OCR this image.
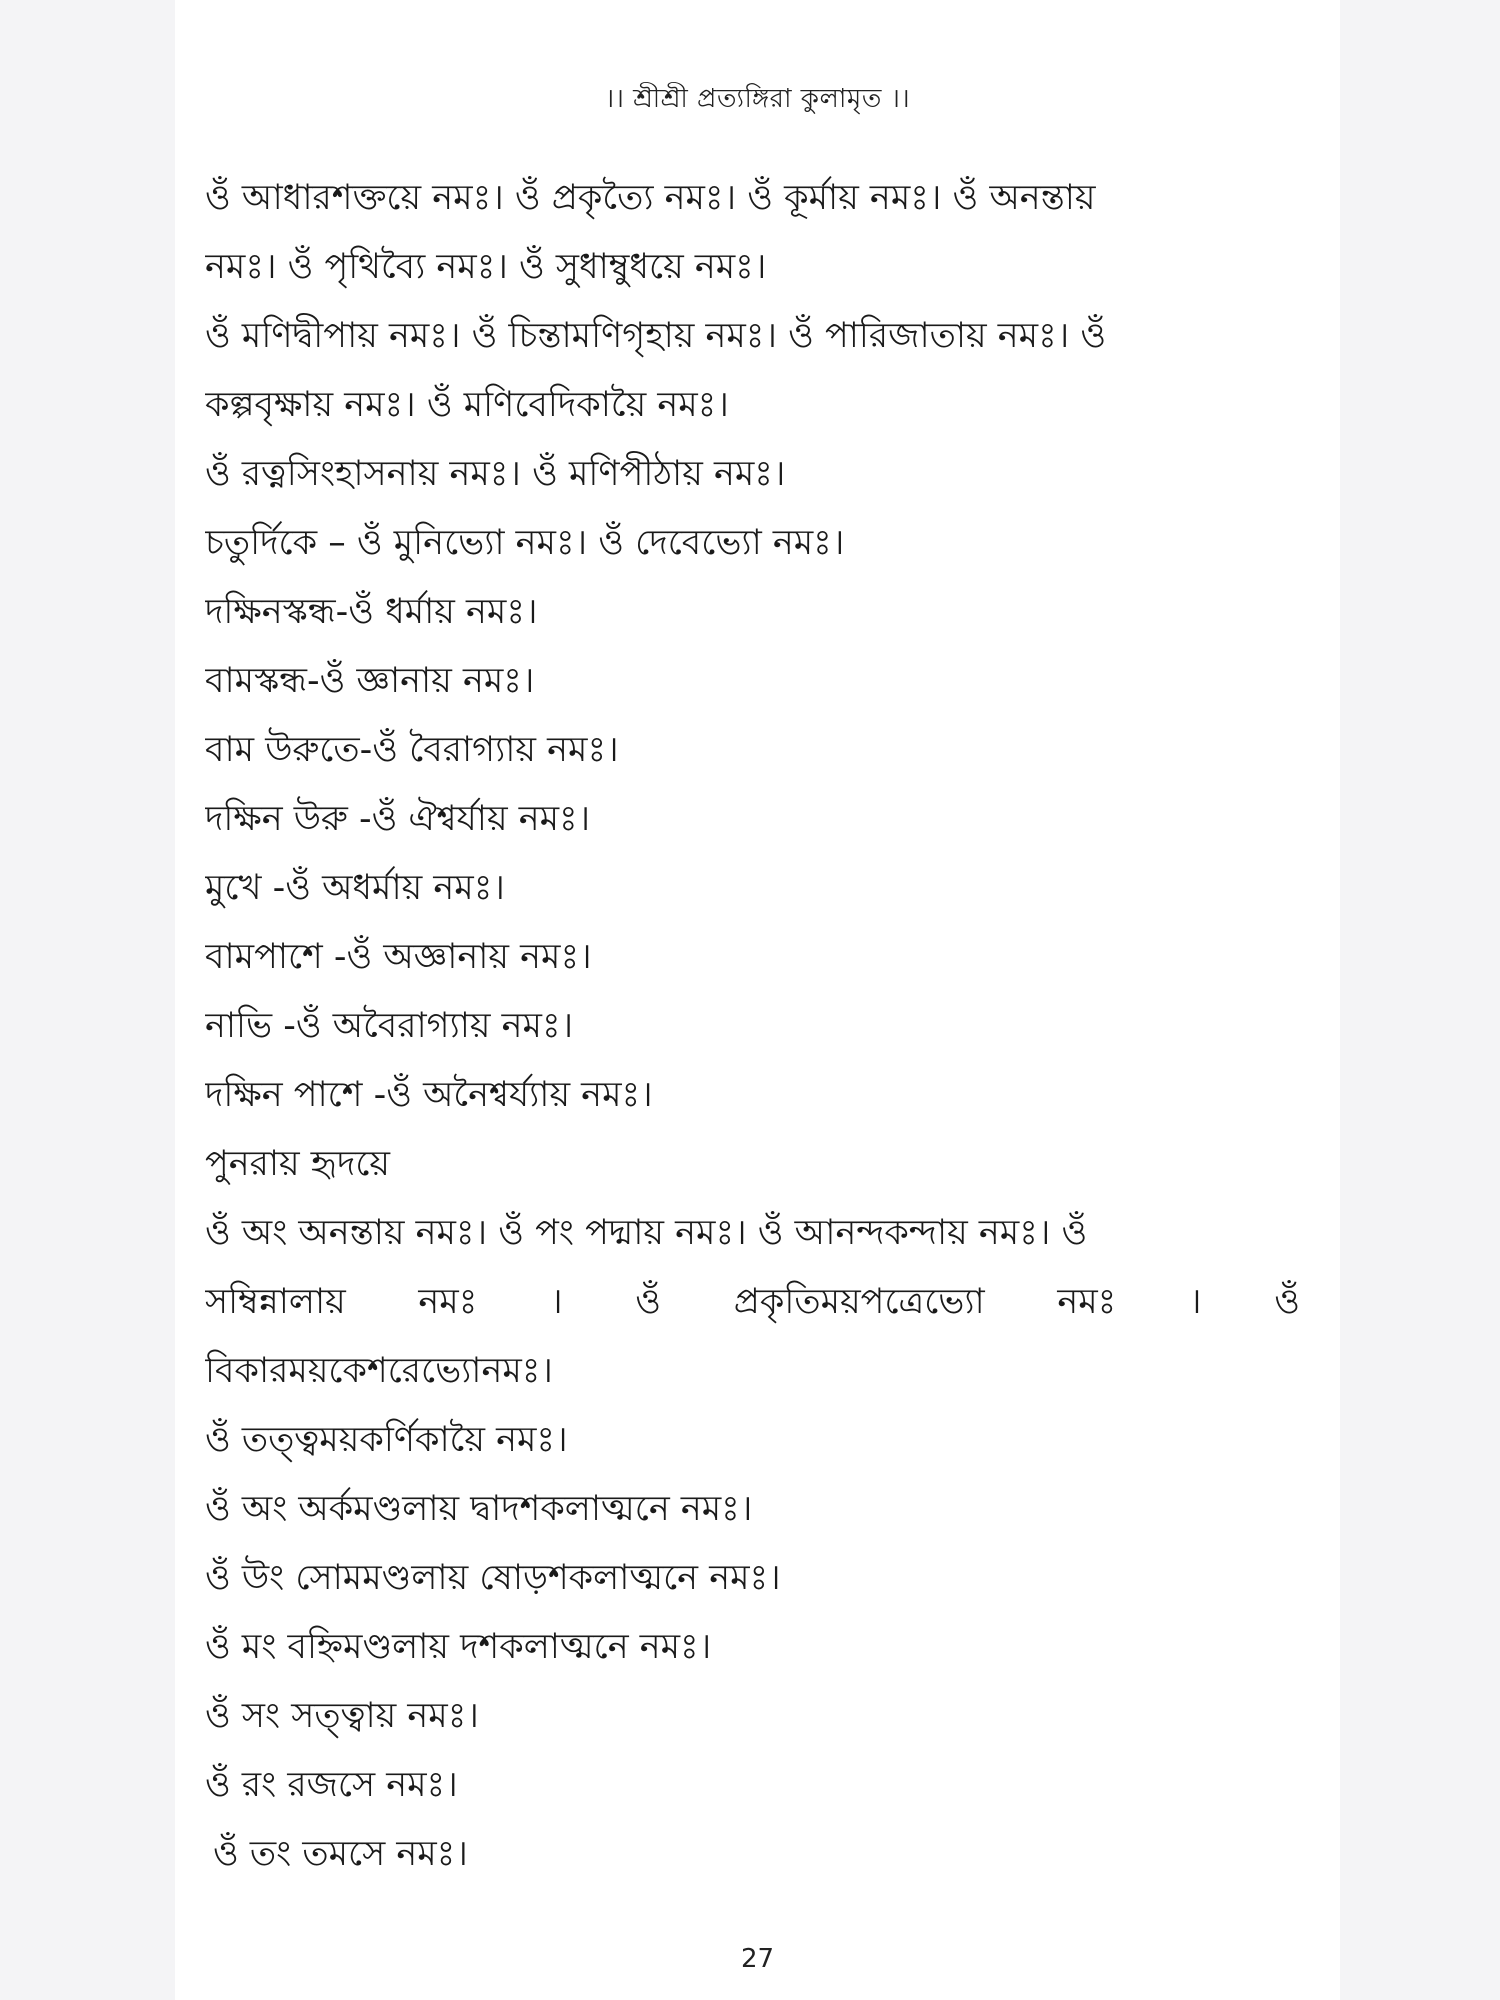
।। শ্রীশ্রী প্রত্যঙ্গিরা কুলামৃত ।।
ওঁ আধারশক্তয়ে নমঃ। ওঁ প্রকৃত্যৈ নমঃ। ওঁ কূর্মায় নমঃ। ওঁ অনন্তায়
নমঃ। ওঁ পৃথিব্যৈ নমঃ। ওঁ সুধাম্বুধয়ে নমঃ।
ওঁ মণিদ্বীপায় নমঃ। ওঁ চিন্তামণিগৃহায় নমঃ। ওঁ পারিজাতায় নমঃ। ওঁ
কল্পবৃক্ষায় নমঃ। ওঁ মণিবেদিকায়ৈ নমঃ।
ওঁ রত্নসিংহাসনায় নমঃ। ওঁ মণিপীঠায় নমঃ।
চতুর্দিকে – ওঁ মুনিভ্যো নমঃ। ওঁ দেবেভ্যো নমঃ।
দক্ষিনস্কন্ধ-ওঁ ধর্মায় নমঃ।
বামস্কন্ধ-ওঁ জ্ঞানায় নমঃ।
বাম উরুতে-ওঁ বৈরাগ্যায় নমঃ।
দক্ষিন উরু -ওঁ ঐশ্বর্যায় নমঃ।
মুখে -ওঁ অধর্মায় নমঃ।
বামপাশে -ওঁ অজ্ঞানায় নমঃ।
নাভি -ওঁ অবৈরাগ্যায় নমঃ।
দক্ষিন পাশে -ওঁ অনৈশ্বর্য্যায় নমঃ।
পুনরায় হৃদয়ে
ওঁ অং অনন্তায় নমঃ। ওঁ পং পদ্মায় নমঃ। ওঁ আনন্দকন্দায় নমঃ। ওঁ
সম্বিন্নালায় নমঃ । ওঁ প্রকৃতিময়পত্রেভ্যো নমঃ । ওঁ
বিকারময়কেশরেভ্যোনমঃ।
ওঁ তত্ত্বময়কর্ণিকায়ৈ নমঃ।
ওঁ অং অর্কমণ্ডলায় দ্বাদশকলাত্মনে নমঃ।
ওঁ উং সোমমণ্ডলায় ষোড়শকলাত্মনে নমঃ।
ওঁ মং বহ্নিমণ্ডলায় দশকলাত্মনে নমঃ।
ওঁ সং সত্ত্বায় নমঃ।
ওঁ রং রজসে নমঃ।
ওঁ তং তমসে নমঃ।
27
